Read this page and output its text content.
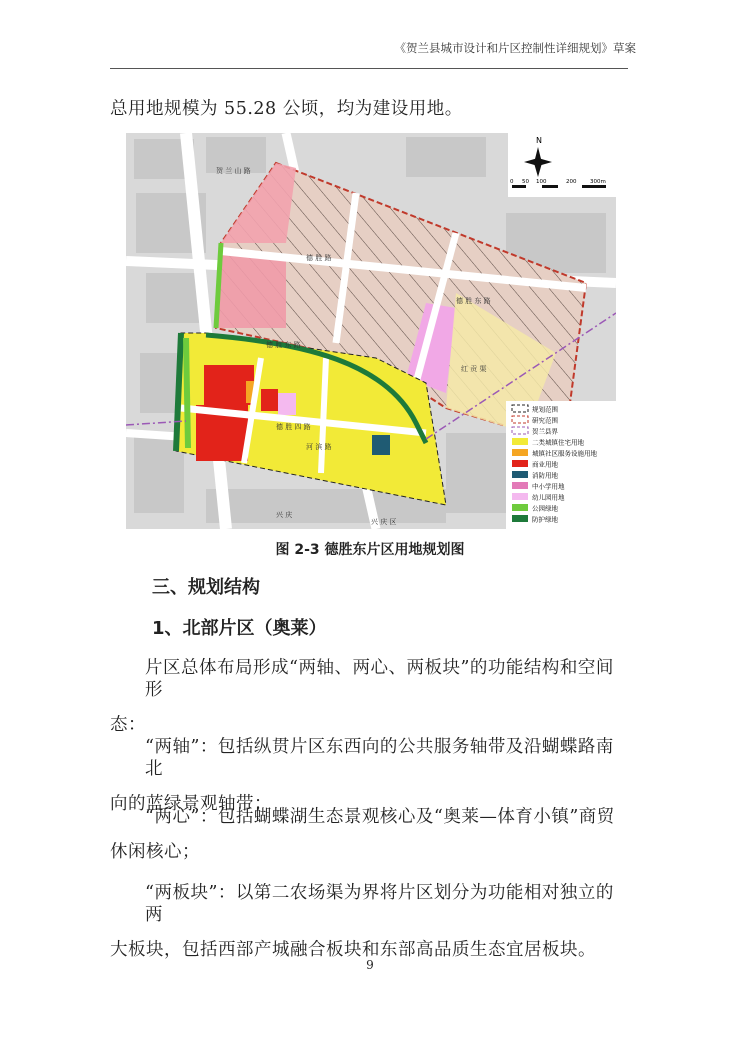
《贺兰县城市设计和片区控制性详细规划》草案
总用地规模为 55.28 公顷，均为建设用地。
德 胜 路
德 胜 东 路
兴 庆 区
红 贡 渠
德 胜 东 路
德 胜 四 路
河 滨 路
贺 兰 山 路
兴 庆
N
0 50 100	200 300m
规划范围
研究范围
贺兰县界
二类城镇住宅用地
城镇社区服务设施用地
商业用地
消防用地
中小学用地
幼儿园用地
公园绿地
防护绿地
图 2-3 德胜东片区用地规划图
三、规划结构
1、北部片区（奥莱）
片区总体布局形成“两轴、两心、两板块”的功能结构和空间形
态：
“两轴”：包括纵贯片区东西向的公共服务轴带及沿蝴蝶路南北
向的蓝绿景观轴带；
“两心”：包括蝴蝶湖生态景观核心及“奥莱—体育小镇”商贸
休闲核心；
“两板块”：以第二农场渠为界将片区划分为功能相对独立的两
大板块，包括西部产城融合板块和东部高品质生态宜居板块。
9
